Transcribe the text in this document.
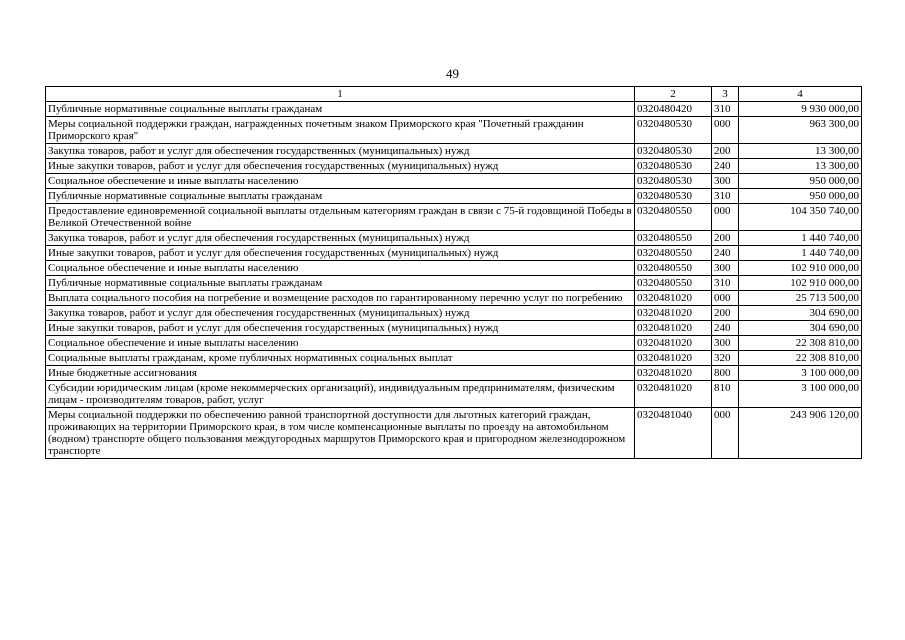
49
1	2	3	4
Публичные нормативные социальные выплаты гражданам	0320480420	310	9 930 000,00
Меры социальной поддержки граждан, награжденных почетным знаком Приморского края "Почетный гражданин Приморского края"	0320480530	000	963 300,00
Закупка товаров, работ и услуг для обеспечения государственных (муниципальных) нужд	0320480530	200	13 300,00
Иные закупки товаров, работ и услуг для обеспечения государственных (муниципальных) нужд	0320480530	240	13 300,00
Социальное обеспечение и иные выплаты населению	0320480530	300	950 000,00
Публичные нормативные социальные выплаты гражданам	0320480530	310	950 000,00
Предоставление единовременной социальной выплаты отдельным категориям граждан в связи с 75-й годовщиной Победы в Великой Отечественной войне	0320480550	000	104 350 740,00
Закупка товаров, работ и услуг для обеспечения государственных (муниципальных) нужд	0320480550	200	1 440 740,00
Иные закупки товаров, работ и услуг для обеспечения государственных (муниципальных) нужд	0320480550	240	1 440 740,00
Социальное обеспечение и иные выплаты населению	0320480550	300	102 910 000,00
Публичные нормативные социальные выплаты гражданам	0320480550	310	102 910 000,00
Выплата социального пособия на погребение и возмещение расходов по гарантированному перечню услуг по погребению	0320481020	000	25 713 500,00
Закупка товаров, работ и услуг для обеспечения государственных (муниципальных) нужд	0320481020	200	304 690,00
Иные закупки товаров, работ и услуг для обеспечения государственных (муниципальных) нужд	0320481020	240	304 690,00
Социальное обеспечение и иные выплаты населению	0320481020	300	22 308 810,00
Социальные выплаты гражданам, кроме публичных нормативных социальных выплат	0320481020	320	22 308 810,00
Иные бюджетные ассигнования	0320481020	800	3 100 000,00
Субсидии юридическим лицам (кроме некоммерческих организаций), индивидуальным предпринимателям, физическим лицам - производителям товаров, работ, услуг	0320481020	810	3 100 000,00
Меры социальной поддержки по обеспечению равной транспортной доступности для льготных категорий граждан, проживающих на территории Приморского края, в том числе компенсационные выплаты по проезду на автомобильном (водном) транспорте общего пользования междугородных маршрутов Приморского края и пригородном железнодорожном транспорте	0320481040	000	243 906 120,00
